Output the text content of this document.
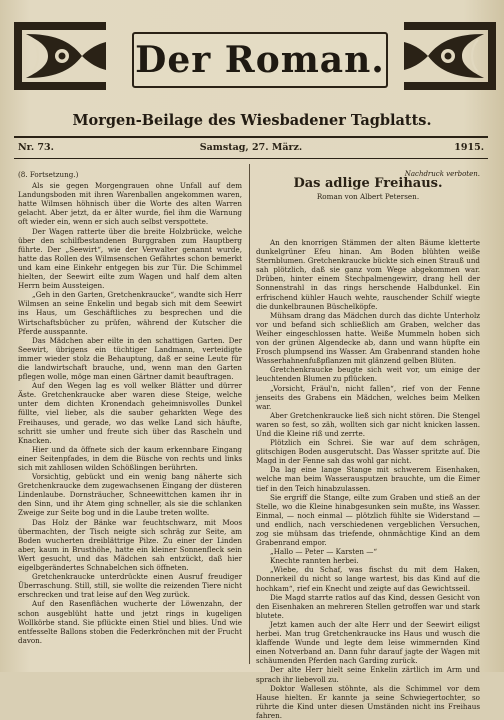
Der Roman.
Morgen-Beilage des Wiesbadener Tagblatts.
Nr. 73.	Samstag, 27. März.	1915.

(8. Fortsetzung.)

Als sie gegen Morgengrauen ohne Unfall auf dem Landungsboden mit ihren Warenballen angekommen waren, hatte Wilmsen höhnisch über die Worte des alten Warren gelacht. Aber jetzt, da er älter wurde, fiel ihm die Warnung oft wieder ein, wenn er sich auch selbst verspottete.

Der Wagen ratterte über die breite Holzbrücke, welche über den schilfbestandenen Burggraben zum Hauptberg führte. Der „Seewirt“, wie der Verwalter genannt wurde, hatte das Rollen des Wilmsenschen Gefährtes schon bemerkt und kam eine Einkehr entgegen bis zur Tür. Die Schimmel hielten, der Seewirt eilte zum Wagen und half dem alten Herrn beim Aussteigen.

„Geh in den Garten, Gretchenkraucke“, wandte sich Herr Wilmsen an seine Enkelin und begab sich mit dem Seewirt ins Haus, um Geschäftliches zu besprechen und die Wirtschaftsbücher zu prüfen, während der Kutscher die Pferde ausspannte.

Das Mädchen aber eilte in den schattigen Garten. Der Seewirt, übrigens ein tüchtiger Landmann, verteidigte immer wieder stolz die Behauptung, daß er seine Leute für die landwirtschaft brauche, und, wenn man den Garten pflegen wolle, möge man einen Gärtner damit beauftragen.

Auf den Wegen lag es voll welker Blätter und dürrer Äste. Gretchenkraucke aber waren diese Steige, welche unter dem dichten Kronendach geheimnisvolles Dunkel füllte, viel lieber, als die sauber geharkten Wege des Freihauses, und gerade, wo das welke Land sich häufte, schritt sie umher und freute sich über das Rascheln und Knacken.

Hier und da öffnete sich der kaum erkennbare Eingang einer Seitenpfades, in dem die Büsche von rechts und links sich mit zahllosen wilden Schößlingen berührten.

Vorsichtig, gebückt und ein wenig bang näherte sich Gretchenkraucke dem zugewachsenen Eingang der düsteren Lindenlaube. Dornsträucher, Schneewittchen kamen ihr in den Sinn, und ihr Atem ging schneller, als sie die schlanken Zweige zur Seite bog und in die Laube treten wollte.

Das Holz der Bänke war feuchtschwarz, mit Moos übermachten, der Tisch neigte sich schräg zur Seite, am Boden wucherten dreiblättrige Pilze. Zu einer der Linden aber, kaum in Brusthöhe, hatte ein kleiner Sonnenfleck sein Wert gesucht, und das Mädchen sah entzückt, daß hier eigelbgerändertes Schnabelchen sich öffneten.

Gretchenkraucke unterdrückte einen Ausruf freudiger Überraschung. Still, still, sie wollte die reizenden Tiere nicht erschrecken und trat leise auf den Weg zurück.

Auf den Rasenflächen wucherte der Löwenzahn, der schon ausgeblüht hatte und jetzt rings in kugeligen Wollkörbe stand. Sie pflückte einen Stiel und blies. Und wie entfesselte Ballons stoben die Federkrönchen mit der Frucht davon.

Nachdruck verboten.
Das adlige Freihaus.
Roman von Albert Petersen.

An den knorrigen Stämmen der alten Bäume kletterte dunkelgrüner Efeu hinan. Am Boden blühten weiße Sternblumen. Gretchenkraucke bückte sich einen Strauß und sah plötzlich, daß sie ganz vom Wege abgekommen war. Drüben, hinter einem Stechpalmengewirr, drang hell der Sonnenstrahl in das rings herschende Halbdunkel. Ein erfrischend kühler Hauch wehte, rauschender Schilf wiegte die dunkelbraunen Büschelköpfe.

Mühsam drang das Mädchen durch das dichte Unterholz vor und befand sich schließlich am Graben, welcher das Weiher eingeschlossen hatte. Weiße Mummeln hoben sich von der grünen Algendecke ab, dann und wann hüpfte ein Frosch plumpsend ins Wasser. Am Grabenrand standen hohe Wasserhahnenfußpflanzen mit glänzend gelben Blüten.

Gretchenkraucke beugte sich weit vor, um einige der leuchtenden Blumen zu pflücken.

„Vorsicht, Fräul'n, nicht fallen“, rief von der Fenne jenseits des Grabens ein Mädchen, welches beim Melken war.

Aber Gretchenkraucke ließ sich nicht stören. Die Stengel waren so fest, so zäh, wollten sich gar nicht knicken lassen. Und die Kleine riß und zerrte.

Plötzlich ein Schrei. Sie war auf dem schrägen, glitschigen Boden ausgerutscht. Das Wasser spritzte auf. Die Magd in der Fenne sah das wohl gar nicht.

Da lag eine lange Stange mit schwerem Eisenhaken, welche man beim Wasserausputzen brauchte, um die Eimer tief in den Teich hinabzulassen.

Sie ergriff die Stange, eilte zum Graben und stieß an der Stelle, wo die Kleine hinabgesunken sein mußte, ins Wasser. Einmal, — noch einmal — plötzlich fühlte sie Widerstand — und endlich, nach verschiedenen vergeblichen Versuchen, zog sie mühsam das triefende, ohnmächtige Kind an dem Grabenrand empor.

„Hallo — Peter — Karsten —“

Knechte rannten herbei.

„Wiebe, du Schaf, was fischst du mit dem Haken, Donnerkeil du nicht so lange wartest, bis das Kind auf die hochkam“, rief ein Knecht und zeigte auf das Gewichtsseil.

Die Magd starrte ratlos auf das Kind, dessen Gesicht von den Eisenhaken an mehreren Stellen getroffen war und stark blutete.

Jetzt kamen auch der alte Herr und der Seewirt eiligst herbei. Man trug Gretchenkraucke ins Haus und wusch die klaffende Wunde und legte dem leise wimmernden Kind einen Notverband an. Dann fuhr darauf jagte der Wagen mit schäumenden Pferden nach Garding zurück.

Der alte Herr hielt seine Enkelin zärtlich im Arm und sprach ihr liebevoll zu.

Doktor Wallesen stöhnte, als die Schimmel vor dem Hause hielten. Er kannte ja seine Schwiegertochter, so rührte die Kind unter diesen Umständen nicht ins Freihaus fahren.
